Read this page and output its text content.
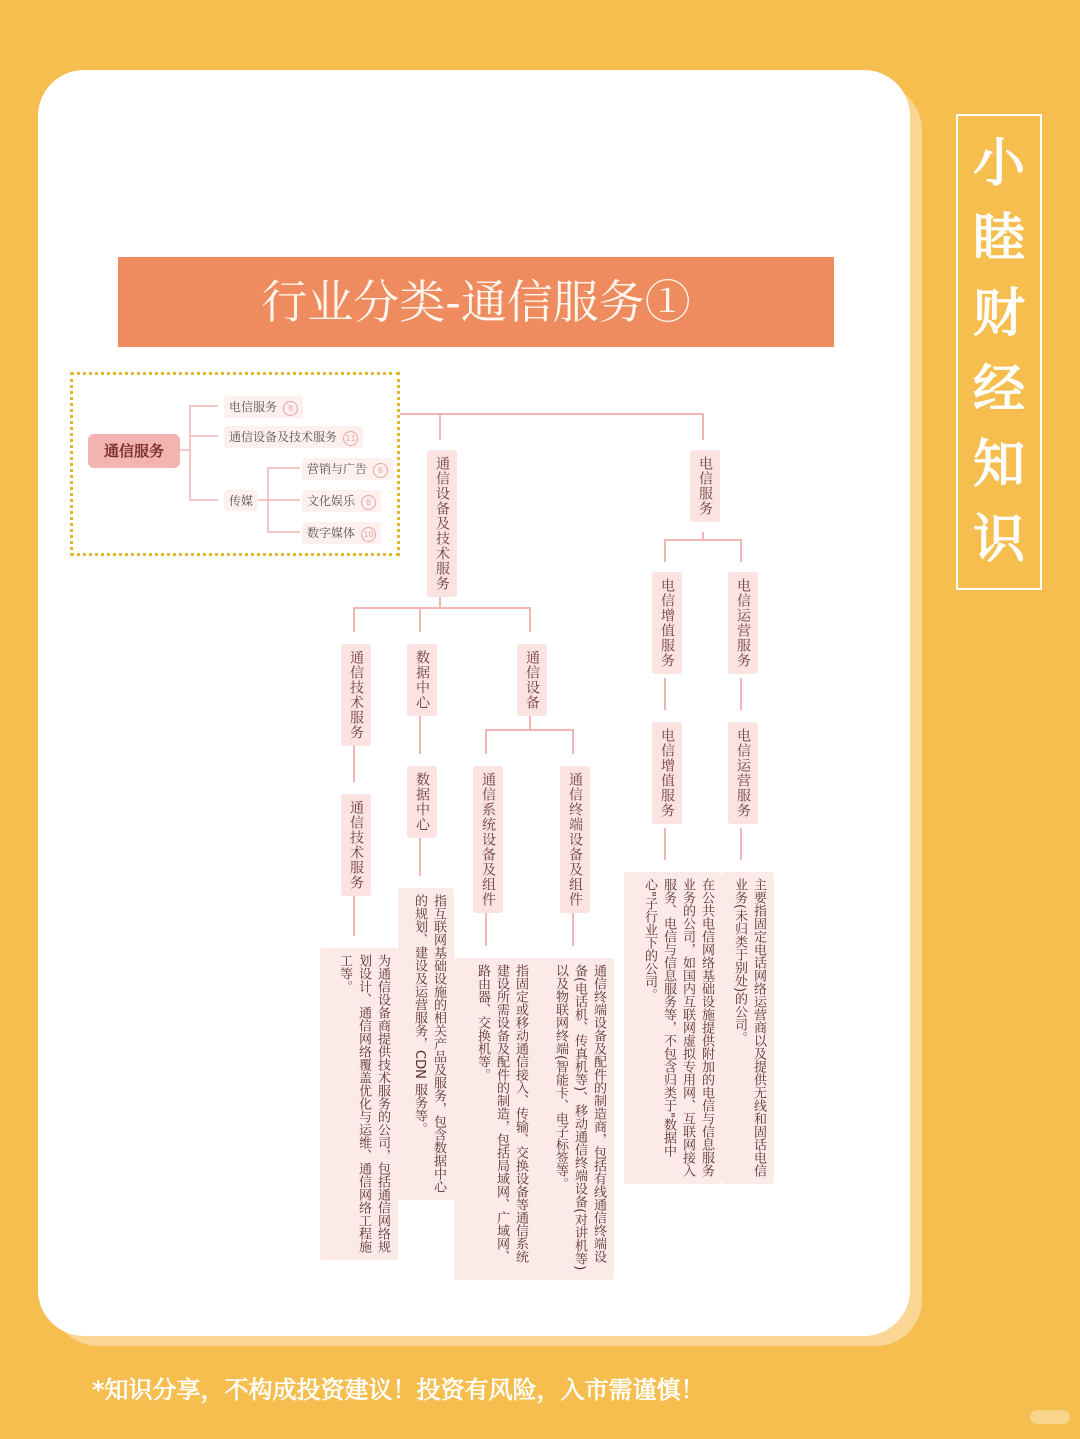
行业分类-通信服务①
通信服务
电信服务 8
通信设备及技术服务 11
传媒
营销与广告 6
文化娱乐 8
数字媒体 10
电信服务
电信运营服务
电信增值服务
电信运营服务
电信增值服务
主要指固定电话网络运营商以及提供无线和固话电信业务(未归类于别处)的公司。
在公共电信网络基础设施提供附加的电信与信息服务业务的公司，如国内互联网虚拟专用网、互联网接入服务、电信与信息服务等，不包含归类于"数据中心"子行业下的公司。
通信设备及技术服务
通信设备
数据中心
通信技术服务
通信终端设备及组件
通信系统设备及组件
数据中心
通信技术服务
通信终端设备及配件的制造商，包括有线通信终端设备(电话机、传真机等)、移动通信终端设备(对讲机等)以及物联网终端(智能卡、电子标签等。
指固定或移动通信接入、传输、交换设备等通信系统建设所需设备及配件的制造，包括局域网、广域网、路由器、交换机等。
指互联网基础设施的相关产品及服务，包含数据中心的规划、建设及运营服务，CDN 服务等。
为通信设备商提供技术服务的公司，包括通信网络规划设计、通信网络覆盖优化与运维、通信网络工程施工等。
小
睦
财
经
知
识
*知识分享，不构成投资建议！投资有风险，入市需谨慎！
